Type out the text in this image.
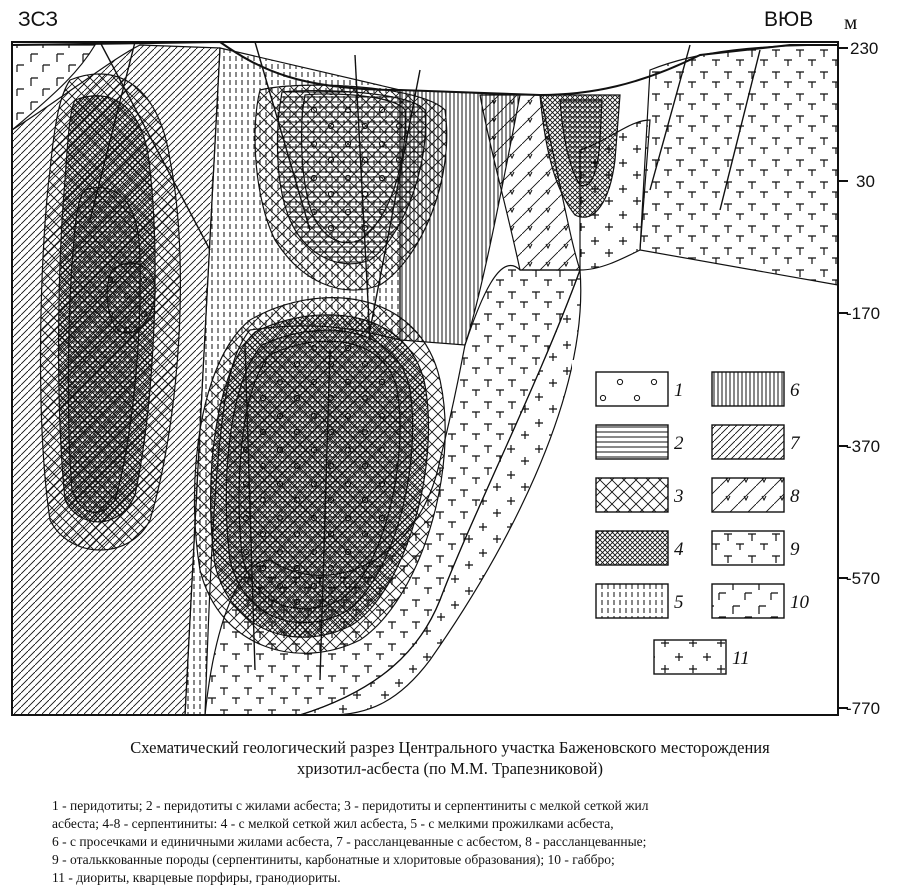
ЗСЗ	ВЮВ м
230
30
-170
-370
-570
-770
1
2
3
4
5
6
7
8
9
10
11
Схематический геологический разрез Центрального участка Баженовского месторождения
хризотил-асбеста (по М.М. Трапезниковой)
1 - перидотиты; 2 - перидотиты с жилами асбеста; 3 - перидотиты и серпентиниты с мелкой сеткой жил
асбеста; 4-8 - серпентиниты: 4 - с мелкой сеткой жил асбеста, 5 - с мелкими прожилками асбеста,
6 - с просечками и единичными жилами асбеста, 7 - рассланцеванные с асбестом, 8 - рассланцеванные;
9 - отальккованные породы (серпентиниты, карбонатные и хлоритовые образования); 10 - габбро;
11 - диориты, кварцевые порфиры, гранодиориты.
